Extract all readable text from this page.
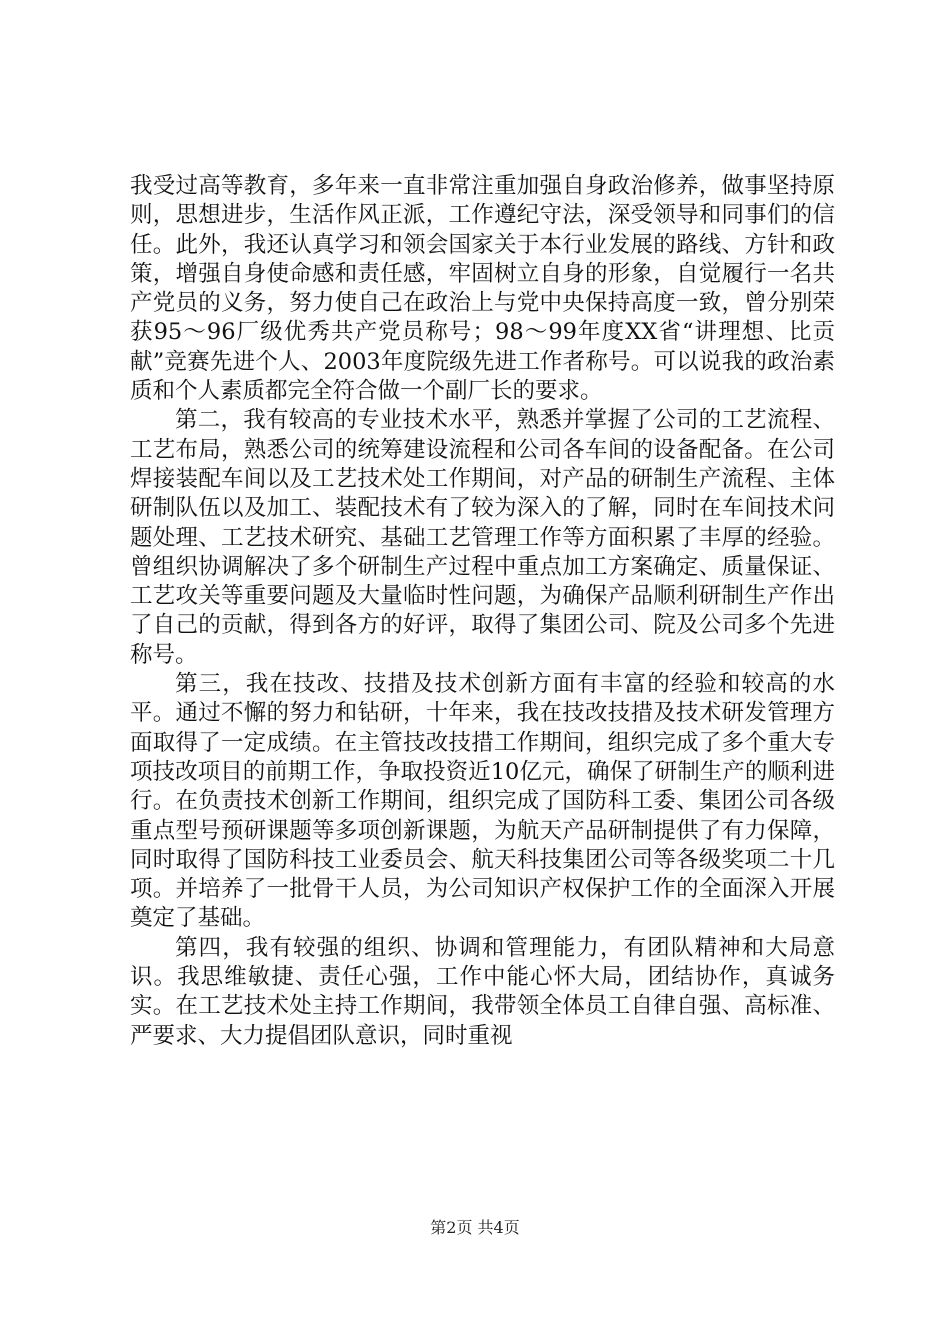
我受过高等教育，多年来一直非常注重加强自身政治修养，做事坚持原则，思想进步，生活作风正派，工作遵纪守法，深受领导和同事们的信任。此外，我还认真学习和领会国家关于本行业发展的路线、方针和政策，增强自身使命感和责任感，牢固树立自身的形象，自觉履行一名共产党员的义务，努力使自己在政治上与党中央保持高度一致，曾分别荣获95～96厂级优秀共产党员称号；98～99年度XX省“讲理想、比贡献”竞赛先进个人、2003年度院级先进工作者称号。可以说我的政治素质和个人素质都完全符合做一个副厂长的要求。

第二，我有较高的专业技术水平，熟悉并掌握了公司的工艺流程、工艺布局，熟悉公司的统筹建设流程和公司各车间的设备配备。在公司焊接装配车间以及工艺技术处工作期间，对产品的研制生产流程、主体研制队伍以及加工、装配技术有了较为深入的了解，同时在车间技术问题处理、工艺技术研究、基础工艺管理工作等方面积累了丰厚的经验。曾组织协调解决了多个研制生产过程中重点加工方案确定、质量保证、工艺攻关等重要问题及大量临时性问题，为确保产品顺利研制生产作出了自己的贡献，得到各方的好评，取得了集团公司、院及公司多个先进称号。

第三，我在技改、技措及技术创新方面有丰富的经验和较高的水平。通过不懈的努力和钻研，十年来，我在技改技措及技术研发管理方面取得了一定成绩。在主管技改技措工作期间，组织完成了多个重大专项技改项目的前期工作，争取投资近10亿元，确保了研制生产的顺利进行。在负责技术创新工作期间，组织完成了国防科工委、集团公司各级重点型号预研课题等多项创新课题，为航天产品研制提供了有力保障，同时取得了国防科技工业委员会、航天科技集团公司等各级奖项二十几项。并培养了一批骨干人员，为公司知识产权保护工作的全面深入开展奠定了基础。

第四，我有较强的组织、协调和管理能力，有团队精神和大局意识。我思维敏捷、责任心强，工作中能心怀大局，团结协作，真诚务实。在工艺技术处主持工作期间，我带领全体员工自律自强、高标准、严要求、大力提倡团队意识，同时重视

第2页 共4页
